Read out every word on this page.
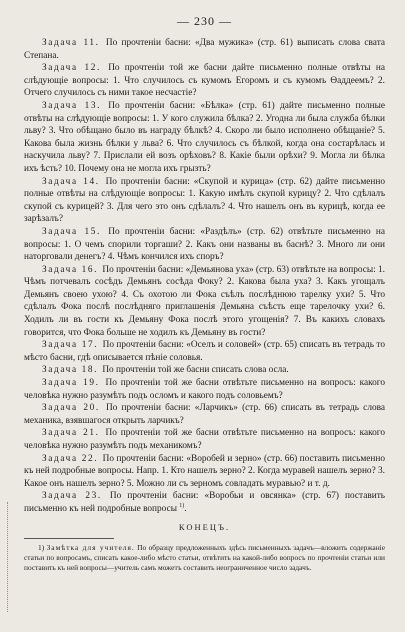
— 230 —

Задача 11. По прочтеніи басни: «Два мужика» (стр. 61) выписать слова свата Степана.

Задача 12. По прочтеніи той же басни дайте письменно полные отвѣты на слѣдующіе вопросы: 1. Что случилось съ кумомъ Егоромъ и съ кумомъ Ѳаддеемъ? 2. Отчего случилось съ ними такое несчастіе?

Задача 13. По прочтеніи басни: «Бѣлка» (стр. 61) дайте письменно полные отвѣты на слѣдующіе вопросы: 1. У кого служила бѣлка? 2. Угодна ли была служба бѣлки льву? 3. Что обѣщано было въ награду бѣлкѣ? 4. Скоро ли было исполнено обѣщаніе? 5. Какова была жизнь бѣлки у льва? 6. Что случилось съ бѣлкой, когда она состарѣлась и наскучила льву? 7. Прислали ей возъ орѣховъ? 8. Какіе были орѣхи? 9. Могла ли бѣлка ихъ ѣсть? 10. Почему она не могла ихъ грызть?

Задача 14. По прочтеніи басни: «Скупой и курица» (стр. 62) дайте письменно полные отвѣты на слѣдующіе вопросы: 1. Какую имѣлъ скупой курицу? 2. Что сдѣлалъ скупой съ курицей? 3. Для чего это онъ сдѣлалъ? 4. Что нашелъ онъ въ курицѣ, когда ее зарѣзалъ?

Задача 15. По прочтеніи басни: «Раздѣлъ» (стр. 62) отвѣтьте письменно на вопросы: 1. О чемъ спорили торгаши? 2. Какъ они названы въ баснѣ? 3. Много ли они наторговали денегъ? 4. Чѣмъ кончился ихъ споръ?

Задача 16. По прочтеніи басни: «Демьянова уха» (стр. 63) отвѣтьте на вопросы: 1. Чѣмъ потчевалъ сосѣдъ Демьянъ сосѣда Фоку? 2. Какова была уха? 3. Какъ угощалъ Демьянъ своею ухою? 4. Съ охотою ли Фока съѣлъ послѣднюю тарелку ухи? 5. Что сдѣлалъ Фока послѣ послѣдняго приглашенія Демьяна съѣсть еще тарелочку ухи? 6. Ходилъ ли въ гости къ Демьяну Фока послѣ этого угощенія? 7. Въ какихъ словахъ говорится, что Фока больше не ходилъ къ Демьяну въ гости?

Задача 17. По прочтеніи басни: «Оселъ и соловей» (стр. 65) списать въ тетрадь то мѣсто басни, гдѣ описывается пѣніе соловья.

Задача 18. По прочтеніи той же басни списать слова осла.

Задача 19. По прочтеніи той же басни отвѣтьте письменно на вопросъ: какого человѣка нужно разумѣть подъ осломъ и какого подъ соловьемъ?

Задача 20. По прочтеніи басни: «Ларчикъ» (стр. 66) списать въ тетрадь слова механика, взявшагося открыть ларчикъ?

Задача 21. По прочтеніи той же басни отвѣтьте письменно на вопросъ: какого человѣка нужно разумѣть подъ механикомъ?

Задача 22. По прочтеніи басни: «Воробей и зерно» (стр. 66) поставить письменно къ ней подробные вопросы. Напр. 1. Кто нашелъ зерно? 2. Когда муравей нашелъ зерно? 3. Какое онъ нашелъ зерно? 5. Можно ли съ зерномъ совладать муравью? и т. д.

Задача 23. По прочтеніи басни: «Воробьи и овсянка» (стр. 67) поставить письменно къ ней подробные вопросы $^{1)}$.

КОНЕЦЪ.

1) Замѣтка для учителя. По образцу предложенныхъ здѣсь письменныхъ задачъ—вложить содержаніе статьи по вопросамъ, списать какое-либо мѣсто статьи, отвѣтить на какой-либо вопросъ по прочтеніи статьи или поставить къ ней вопросы—учитель самъ можетъ составить неограниченное число задачъ.
